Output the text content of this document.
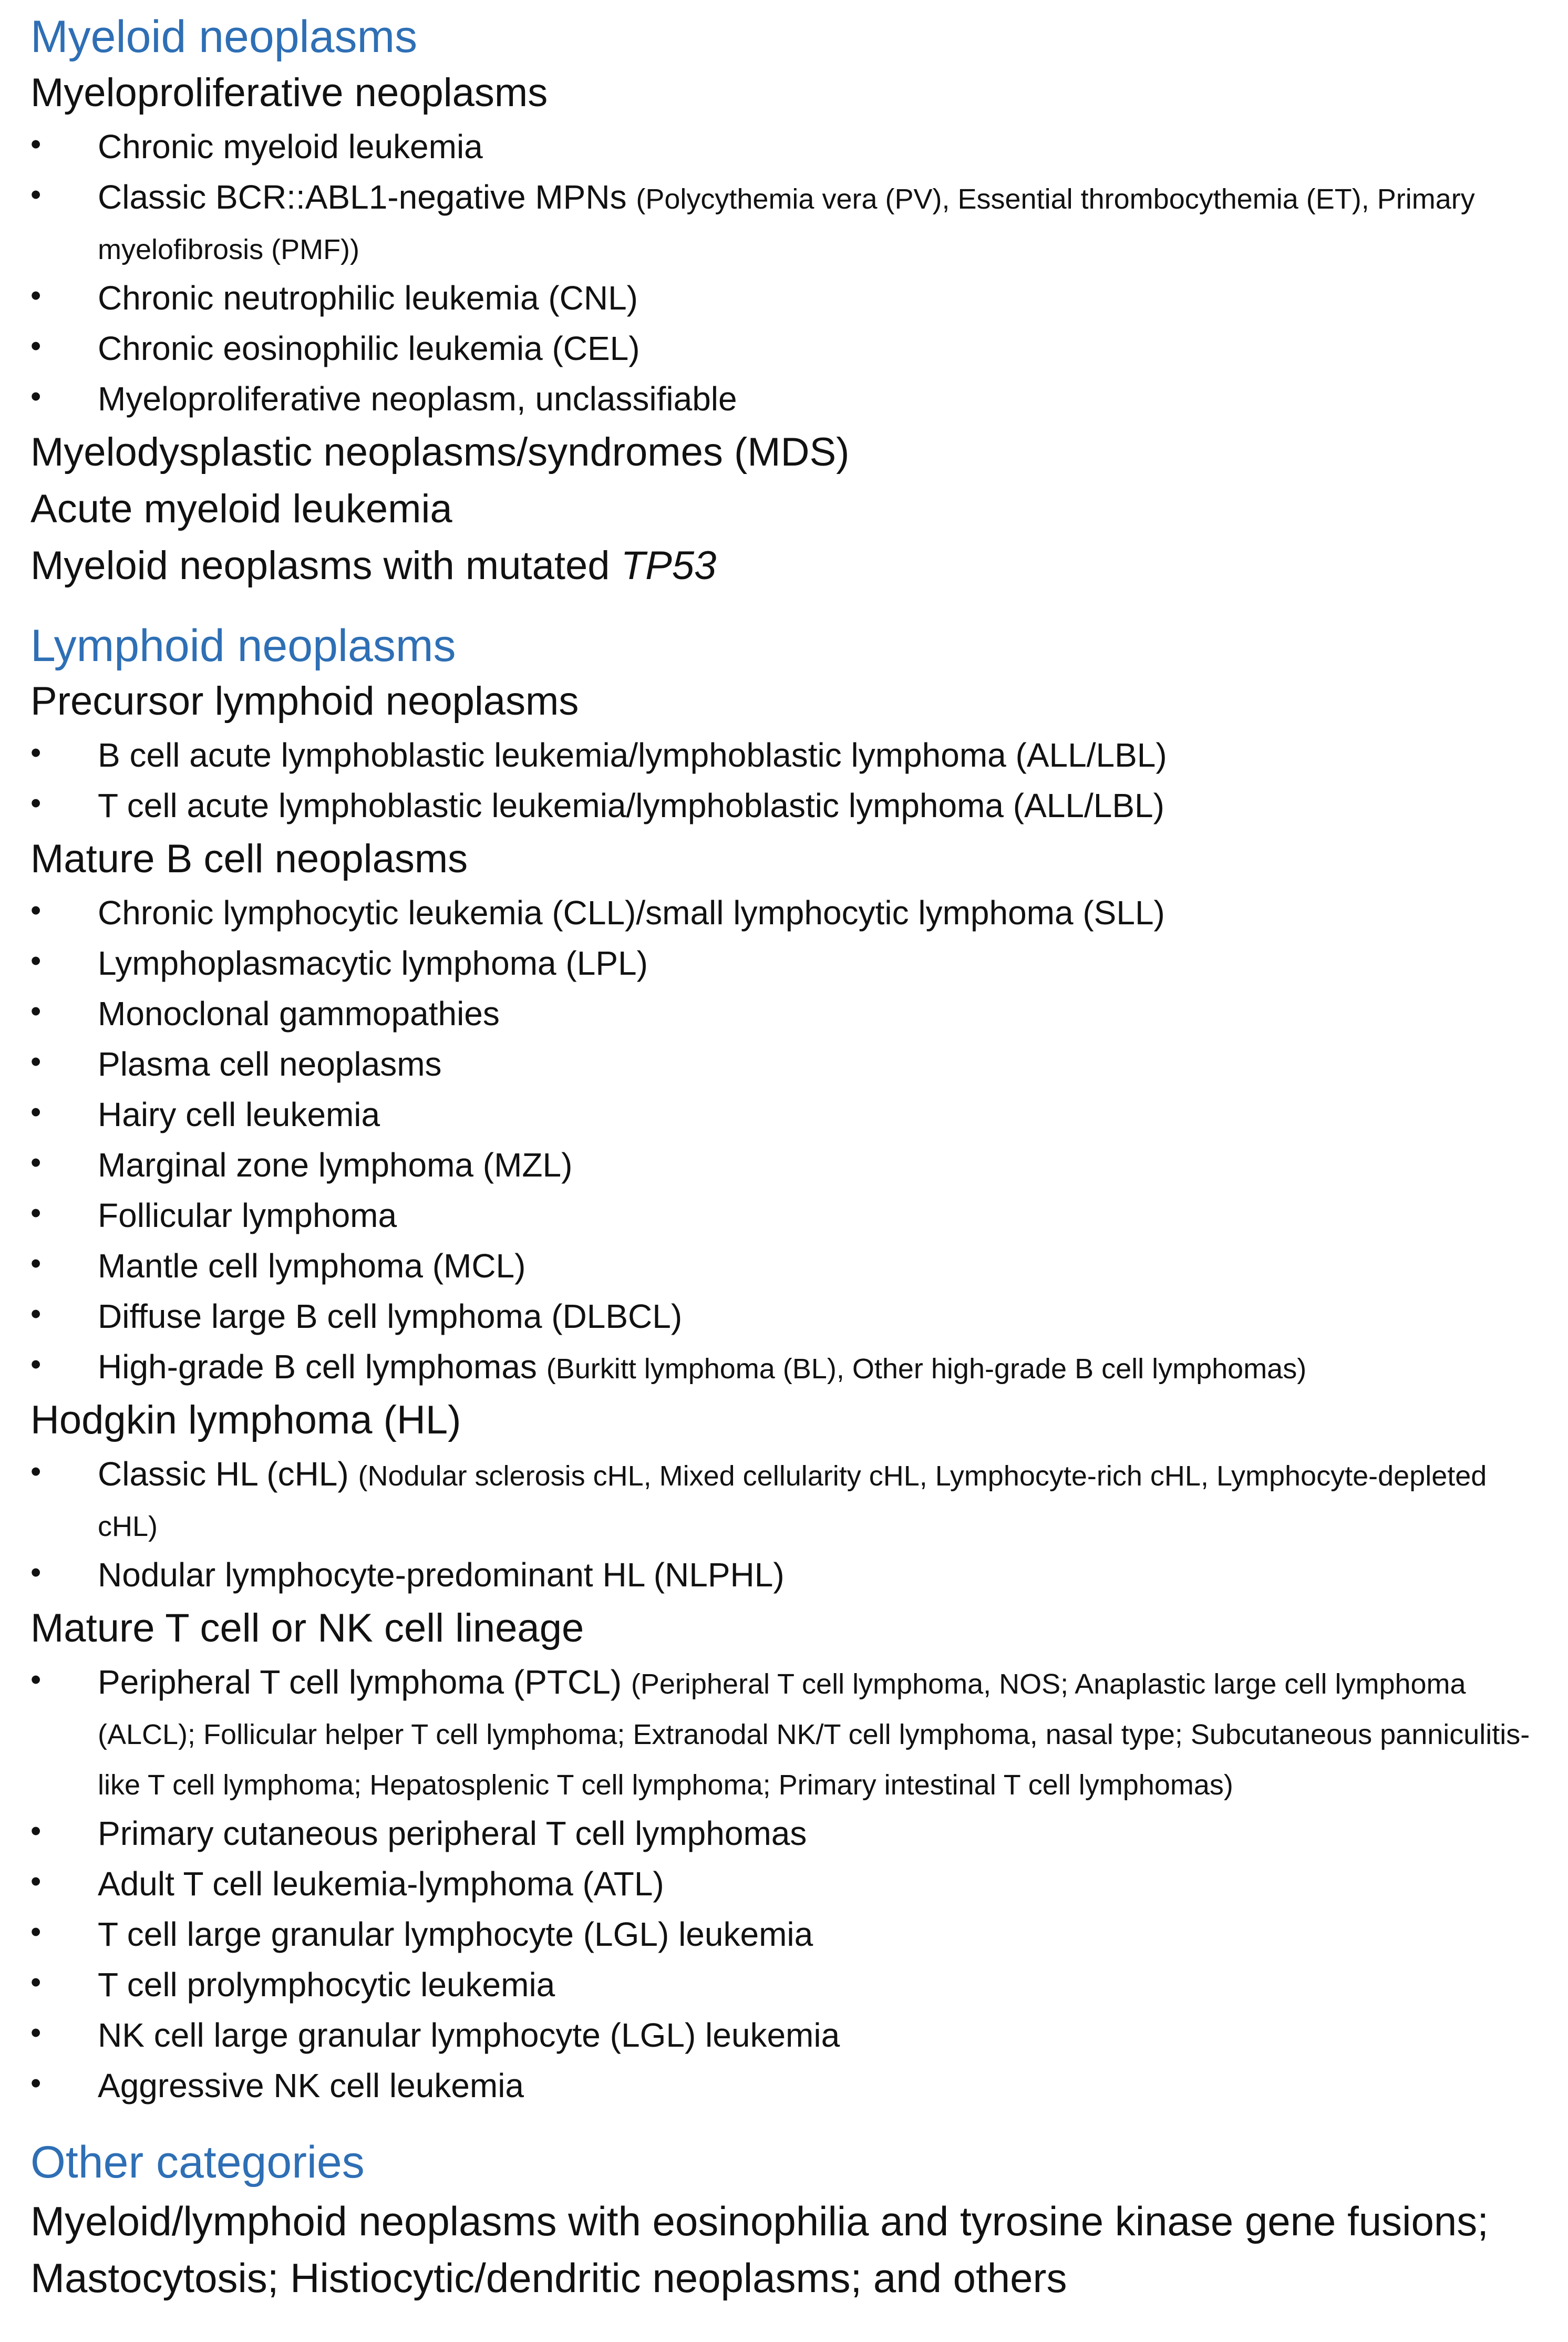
Myeloid neoplasms
Myeloproliferative neoplasms
• Chronic myeloid leukemia
• Classic BCR::ABL1-negative MPNs (Polycythemia vera (PV), Essential thrombocythemia (ET), Primary myelofibrosis (PMF))
• Chronic neutrophilic leukemia (CNL)
• Chronic eosinophilic leukemia (CEL)
• Myeloproliferative neoplasm, unclassifiable
Myelodysplastic neoplasms/syndromes (MDS)
Acute myeloid leukemia
Myeloid neoplasms with mutated TP53
Lymphoid neoplasms
Precursor lymphoid neoplasms
• B cell acute lymphoblastic leukemia/lymphoblastic lymphoma (ALL/LBL)
• T cell acute lymphoblastic leukemia/lymphoblastic lymphoma (ALL/LBL)
Mature B cell neoplasms
• Chronic lymphocytic leukemia (CLL)/small lymphocytic lymphoma (SLL)
• Lymphoplasmacytic lymphoma (LPL)
• Monoclonal gammopathies
• Plasma cell neoplasms
• Hairy cell leukemia
• Marginal zone lymphoma (MZL)
• Follicular lymphoma
• Mantle cell lymphoma (MCL)
• Diffuse large B cell lymphoma (DLBCL)
• High-grade B cell lymphomas (Burkitt lymphoma (BL), Other high-grade B cell lymphomas)
Hodgkin lymphoma (HL)
• Classic HL (cHL) (Nodular sclerosis cHL, Mixed cellularity cHL, Lymphocyte-rich cHL, Lymphocyte-depleted cHL)
• Nodular lymphocyte-predominant HL (NLPHL)
Mature T cell or NK cell lineage
• Peripheral T cell lymphoma (PTCL) (Peripheral T cell lymphoma, NOS; Anaplastic large cell lymphoma (ALCL); Follicular helper T cell lymphoma; Extranodal NK/T cell lymphoma, nasal type; Subcutaneous panniculitis-like T cell lymphoma; Hepatosplenic T cell lymphoma; Primary intestinal T cell lymphomas)
• Primary cutaneous peripheral T cell lymphomas
• Adult T cell leukemia-lymphoma (ATL)
• T cell large granular lymphocyte (LGL) leukemia
• T cell prolymphocytic leukemia
• NK cell large granular lymphocyte (LGL) leukemia
• Aggressive NK cell leukemia
Other categories

Myeloid/lymphoid neoplasms with eosinophilia and tyrosine kinase gene fusions; Mastocytosis; Histiocytic/dendritic neoplasms; and others
